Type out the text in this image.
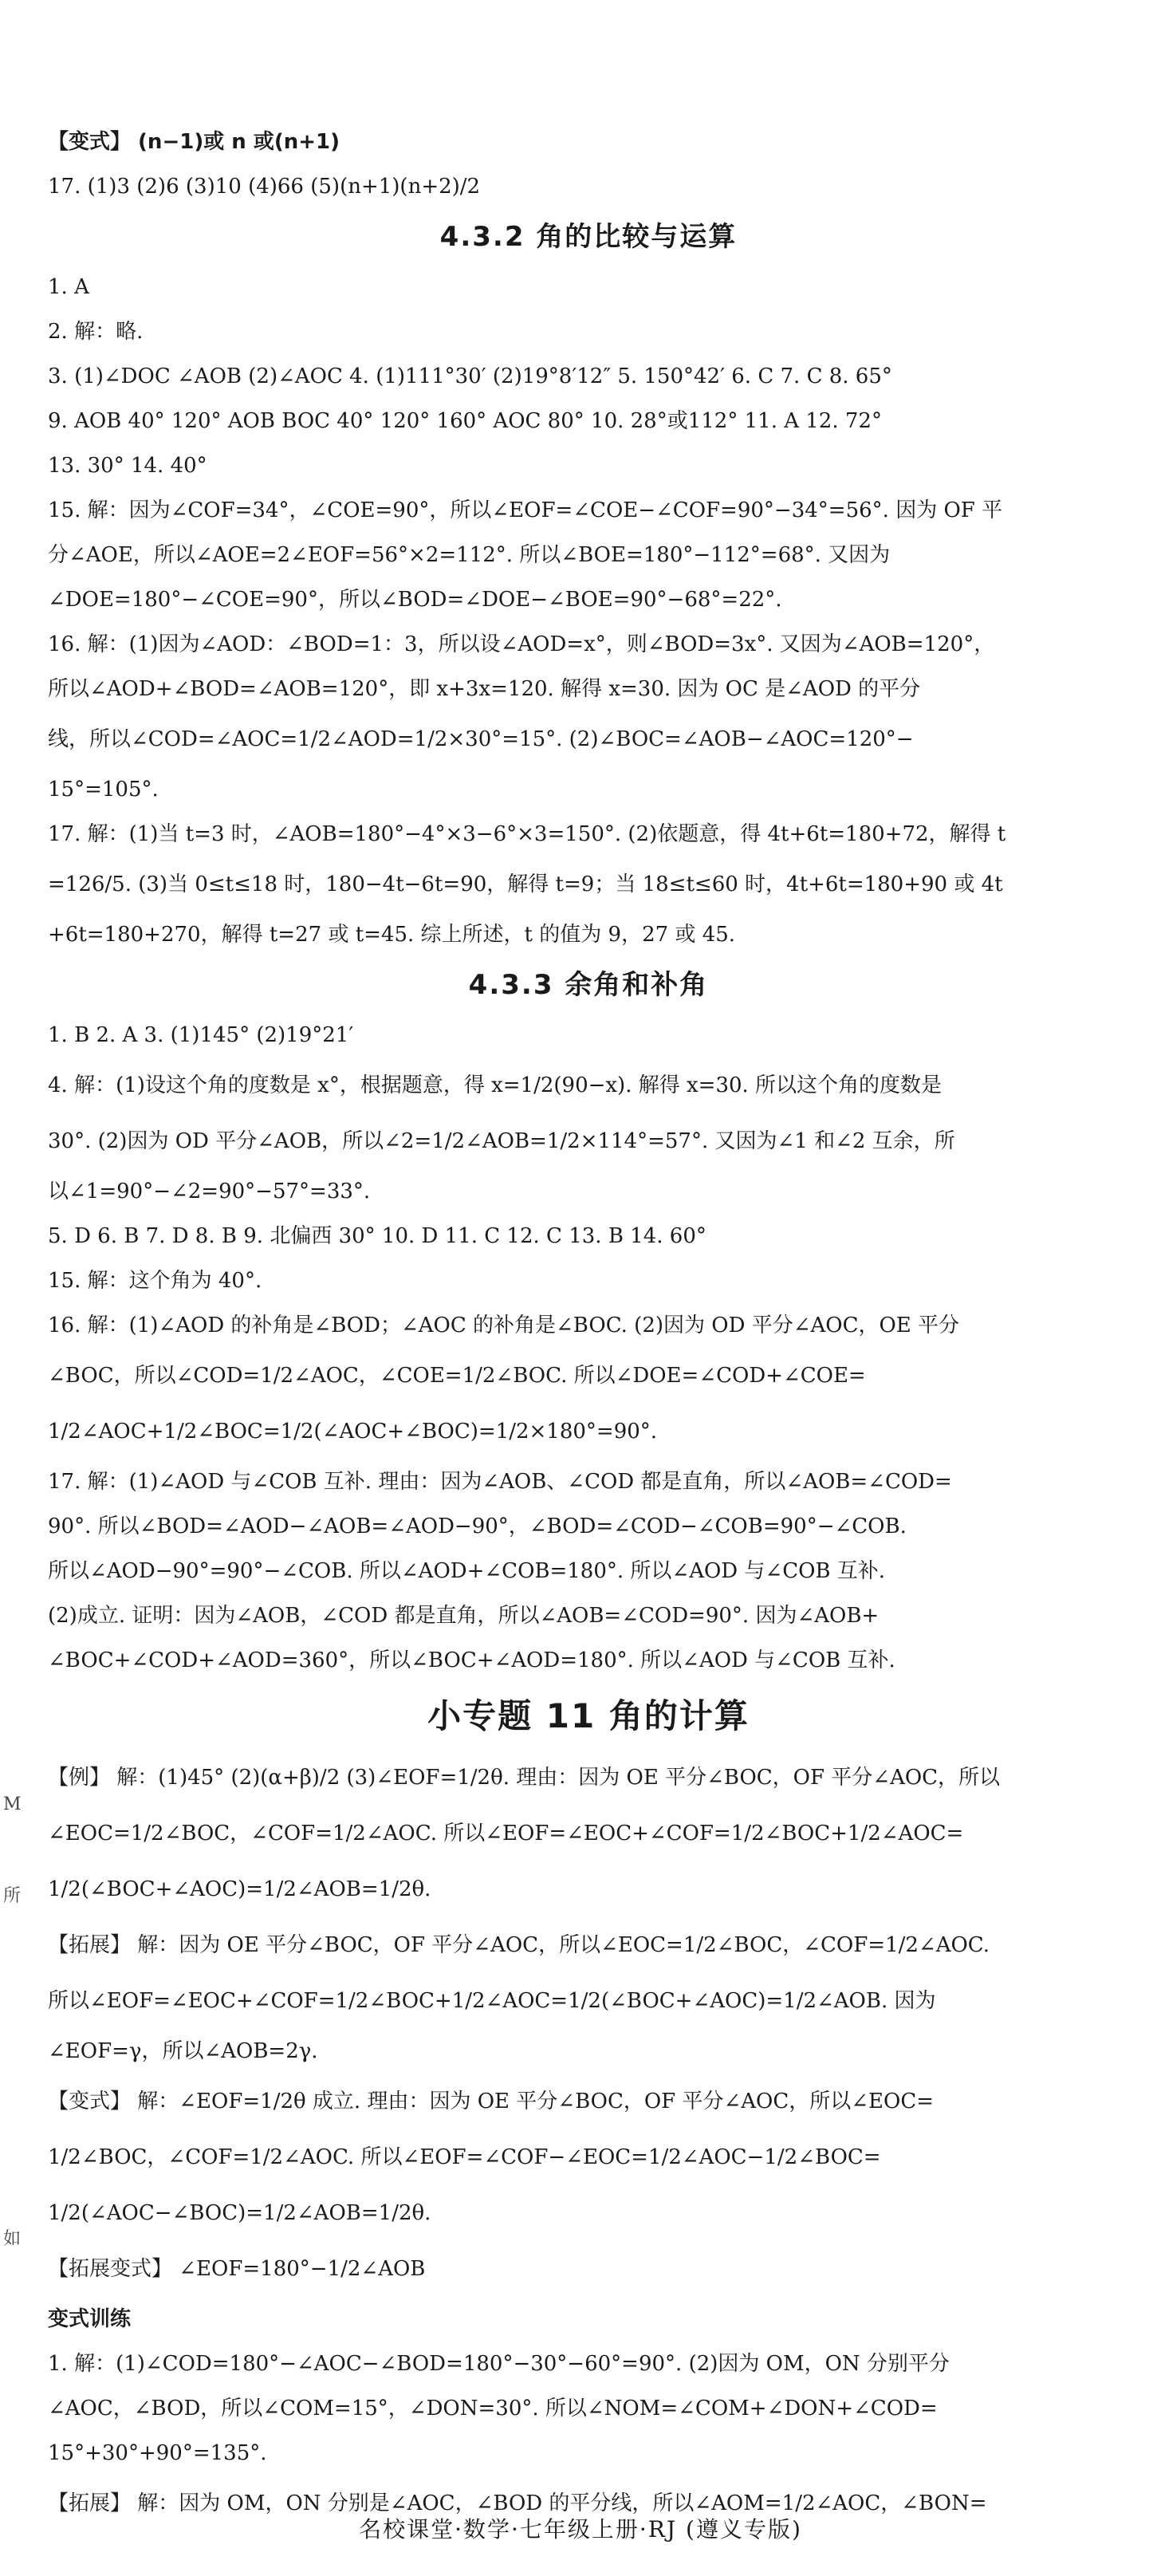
【变式】 (n−1)或 n 或(n+1)
17. (1)3 (2)6 (3)10 (4)66 (5)(n+1)(n+2)/2
4.3.2 角的比较与运算
1. A
2. 解：略.
3. (1)∠DOC ∠AOB (2)∠AOC 4. (1)111°30′ (2)19°8′12″ 5. 150°42′ 6. C 7. C 8. 65°
9. AOB 40° 120° AOB BOC 40° 120° 160° AOC 80° 10. 28°或112° 11. A 12. 72°
13. 30° 14. 40°
15. 解：因为∠COF=34°，∠COE=90°，所以∠EOF=∠COE−∠COF=90°−34°=56°. 因为 OF 平
分∠AOE，所以∠AOE=2∠EOF=56°×2=112°. 所以∠BOE=180°−112°=68°. 又因为
∠DOE=180°−∠COE=90°，所以∠BOD=∠DOE−∠BOE=90°−68°=22°.
16. 解：(1)因为∠AOD：∠BOD=1：3，所以设∠AOD=x°，则∠BOD=3x°. 又因为∠AOB=120°，
所以∠AOD+∠BOD=∠AOB=120°，即 x+3x=120. 解得 x=30. 因为 OC 是∠AOD 的平分
线，所以∠COD=∠AOC=1/2∠AOD=1/2×30°=15°. (2)∠BOC=∠AOB−∠AOC=120°−
15°=105°.
17. 解：(1)当 t=3 时，∠AOB=180°−4°×3−6°×3=150°. (2)依题意，得 4t+6t=180+72，解得 t
=126/5. (3)当 0≤t≤18 时，180−4t−6t=90，解得 t=9；当 18≤t≤60 时，4t+6t=180+90 或 4t
+6t=180+270，解得 t=27 或 t=45. 综上所述，t 的值为 9，27 或 45.
4.3.3 余角和补角
1. B 2. A 3. (1)145° (2)19°21′
4. 解：(1)设这个角的度数是 x°，根据题意，得 x=1/2(90−x). 解得 x=30. 所以这个角的度数是
30°. (2)因为 OD 平分∠AOB，所以∠2=1/2∠AOB=1/2×114°=57°. 又因为∠1 和∠2 互余，所
以∠1=90°−∠2=90°−57°=33°.
5. D 6. B 7. D 8. B 9. 北偏西 30° 10. D 11. C 12. C 13. B 14. 60°
15. 解：这个角为 40°.
16. 解：(1)∠AOD 的补角是∠BOD；∠AOC 的补角是∠BOC. (2)因为 OD 平分∠AOC，OE 平分
∠BOC，所以∠COD=1/2∠AOC，∠COE=1/2∠BOC. 所以∠DOE=∠COD+∠COE=
1/2∠AOC+1/2∠BOC=1/2(∠AOC+∠BOC)=1/2×180°=90°.
17. 解：(1)∠AOD 与∠COB 互补. 理由：因为∠AOB、∠COD 都是直角，所以∠AOB=∠COD=
90°. 所以∠BOD=∠AOD−∠AOB=∠AOD−90°，∠BOD=∠COD−∠COB=90°−∠COB.
所以∠AOD−90°=90°−∠COB. 所以∠AOD+∠COB=180°. 所以∠AOD 与∠COB 互补.
(2)成立. 证明：因为∠AOB，∠COD 都是直角，所以∠AOB=∠COD=90°. 因为∠AOB+
∠BOC+∠COD+∠AOD=360°，所以∠BOC+∠AOD=180°. 所以∠AOD 与∠COB 互补.
小专题 11 角的计算
【例】 解：(1)45° (2)(α+β)/2 (3)∠EOF=1/2θ. 理由：因为 OE 平分∠BOC，OF 平分∠AOC，所以
∠EOC=1/2∠BOC，∠COF=1/2∠AOC. 所以∠EOF=∠EOC+∠COF=1/2∠BOC+1/2∠AOC=
1/2(∠BOC+∠AOC)=1/2∠AOB=1/2θ.
【拓展】 解：因为 OE 平分∠BOC，OF 平分∠AOC，所以∠EOC=1/2∠BOC，∠COF=1/2∠AOC.
所以∠EOF=∠EOC+∠COF=1/2∠BOC+1/2∠AOC=1/2(∠BOC+∠AOC)=1/2∠AOB. 因为
∠EOF=γ，所以∠AOB=2γ.
【变式】 解：∠EOF=1/2θ 成立. 理由：因为 OE 平分∠BOC，OF 平分∠AOC，所以∠EOC=
1/2∠BOC，∠COF=1/2∠AOC. 所以∠EOF=∠COF−∠EOC=1/2∠AOC−1/2∠BOC=
1/2(∠AOC−∠BOC)=1/2∠AOB=1/2θ.
【拓展变式】 ∠EOF=180°−1/2∠AOB
变式训练
1. 解：(1)∠COD=180°−∠AOC−∠BOD=180°−30°−60°=90°. (2)因为 OM，ON 分别平分
∠AOC，∠BOD，所以∠COM=15°，∠DON=30°. 所以∠NOM=∠COM+∠DON+∠COD=
15°+30°+90°=135°.
【拓展】 解：因为 OM，ON 分别是∠AOC，∠BOD 的平分线，所以∠AOM=1/2∠AOC，∠BON=
M
所
如
名校课堂·数学·七年级上册·RJ (遵义专版)
